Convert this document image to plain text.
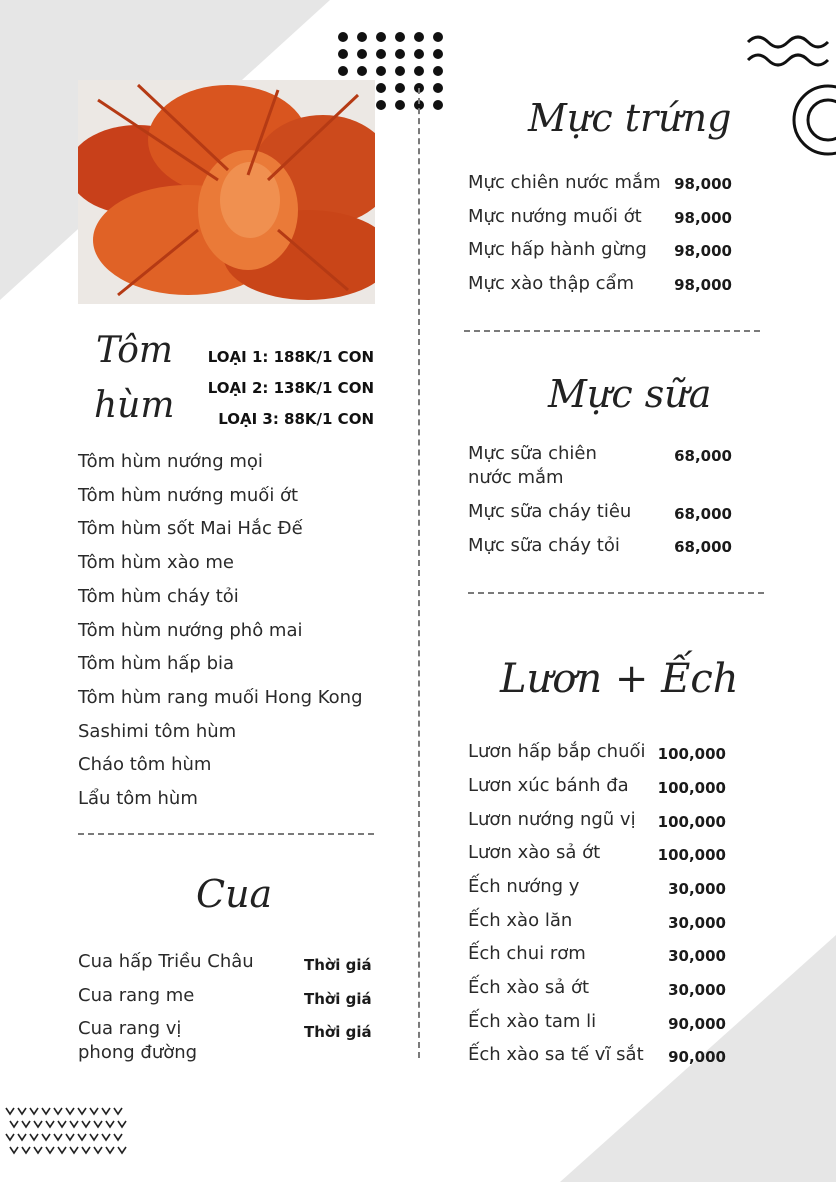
Tôm
hùm
LOẠI 1: 188K/1 CON
LOẠI 2: 138K/1 CON
LOẠI 3: 88K/1 CON
Tôm hùm nướng mọi
Tôm hùm nướng muối ớt
Tôm hùm sốt Mai Hắc Đế
Tôm hùm xào me
Tôm hùm cháy tỏi
Tôm hùm nướng phô mai
Tôm hùm hấp bia
Tôm hùm rang muối Hong Kong
Sashimi tôm hùm
Cháo tôm hùm
Lẩu tôm hùm
Cua
Cua hấp Triều Châu	Thời giá
Cua rang me	Thời giá
Cua rang vị
phong đường
Thời giá
Mực trứng
Mực chiên nước mắm 98,000
Mực nướng muối ớt 98,000
Mực hấp hành gừng 98,000
Mực xào thập cẩm	98,000
Mực sữa
Mực sữa chiên
nước mắm
68,000
Mực sữa cháy tiêu	68,000
Mực sữa cháy tỏi	68,000
Lươn + Ếch
Lươn hấp bắp chuối 100,000
Lươn xúc bánh đa 100,000
Lươn nướng ngũ vị 100,000
Lươn xào sả ớt	100,000
Ếch nướng y	30,000
Ếch xào lăn	30,000
Ếch chui rơm	30,000
Ếch xào sả ớt	30,000
Ếch xào tam li	90,000
Ếch xào sa tế vĩ sắt 90,000
